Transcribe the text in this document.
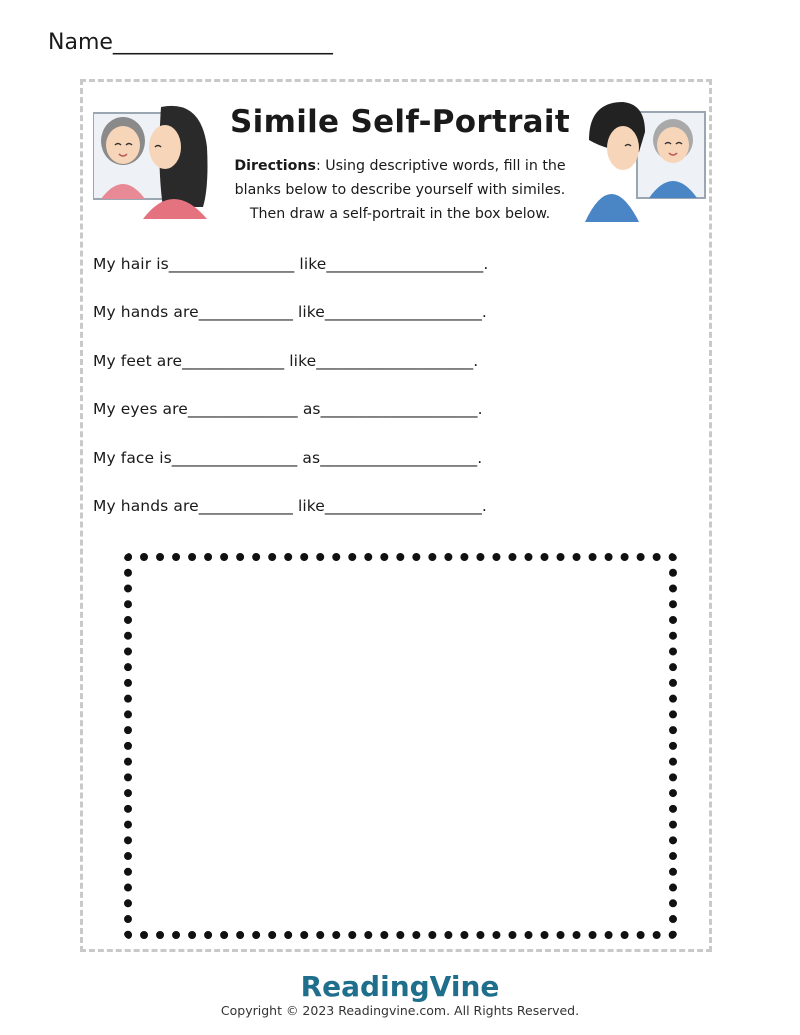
Name____________________
Simile Self-Portrait
Directions: Using descriptive words, fill in the
blanks below to describe yourself with similes.
Then draw a self-portrait in the box below.
My hair is________________ like____________________.
My hands are____________ like____________________.
My feet are_____________ like____________________.
My eyes are______________ as____________________.
My face is________________ as____________________.
My hands are____________ like____________________.
ReadingVine
Copyright © 2023 Readingvine.com. All Rights Reserved.
